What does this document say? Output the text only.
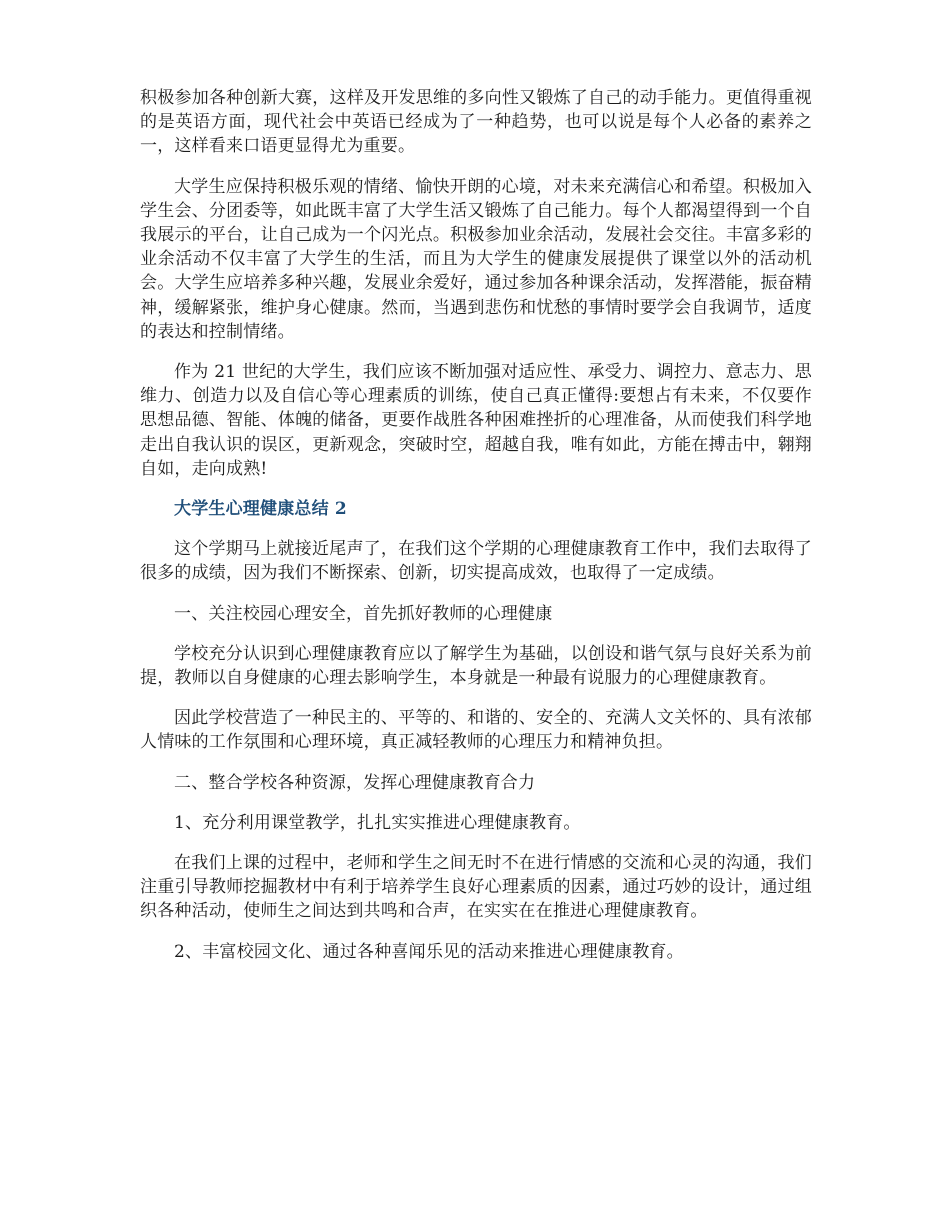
积极参加各种创新大赛，这样及开发思维的多向性又锻炼了自己的动手能力。更值得重视的是英语方面，现代社会中英语已经成为了一种趋势，也可以说是每个人必备的素养之一，这样看来口语更显得尤为重要。

大学生应保持积极乐观的情绪、愉快开朗的心境，对未来充满信心和希望。积极加入学生会、分团委等，如此既丰富了大学生活又锻炼了自己能力。每个人都渴望得到一个自我展示的平台，让自己成为一个闪光点。积极参加业余活动，发展社会交往。丰富多彩的业余活动不仅丰富了大学生的生活，而且为大学生的健康发展提供了课堂以外的活动机会。大学生应培养多种兴趣，发展业余爱好，通过参加各种课余活动，发挥潜能，振奋精神，缓解紧张，维护身心健康。然而，当遇到悲伤和忧愁的事情时要学会自我调节，适度的表达和控制情绪。

作为 21 世纪的大学生，我们应该不断加强对适应性、承受力、调控力、意志力、思维力、创造力以及自信心等心理素质的训练，使自己真正懂得:要想占有未来，不仅要作思想品德、智能、体魄的储备，更要作战胜各种困难挫折的心理准备，从而使我们科学地走出自我认识的误区，更新观念，突破时空，超越自我，唯有如此，方能在搏击中，翱翔自如，走向成熟!

大学生心理健康总结 2

这个学期马上就接近尾声了，在我们这个学期的心理健康教育工作中，我们去取得了很多的成绩，因为我们不断探索、创新，切实提高成效，也取得了一定成绩。

一、关注校园心理安全，首先抓好教师的心理健康

学校充分认识到心理健康教育应以了解学生为基础，以创设和谐气氛与良好关系为前提，教师以自身健康的心理去影响学生，本身就是一种最有说服力的心理健康教育。

因此学校营造了一种民主的、平等的、和谐的、安全的、充满人文关怀的、具有浓郁人情味的工作氛围和心理环境，真正减轻教师的心理压力和精神负担。

二、整合学校各种资源，发挥心理健康教育合力

1、充分利用课堂教学，扎扎实实推进心理健康教育。

在我们上课的过程中，老师和学生之间无时不在进行情感的交流和心灵的沟通，我们注重引导教师挖掘教材中有利于培养学生良好心理素质的因素，通过巧妙的设计，通过组织各种活动，使师生之间达到共鸣和合声，在实实在在推进心理健康教育。

2、丰富校园文化、通过各种喜闻乐见的活动来推进心理健康教育。
